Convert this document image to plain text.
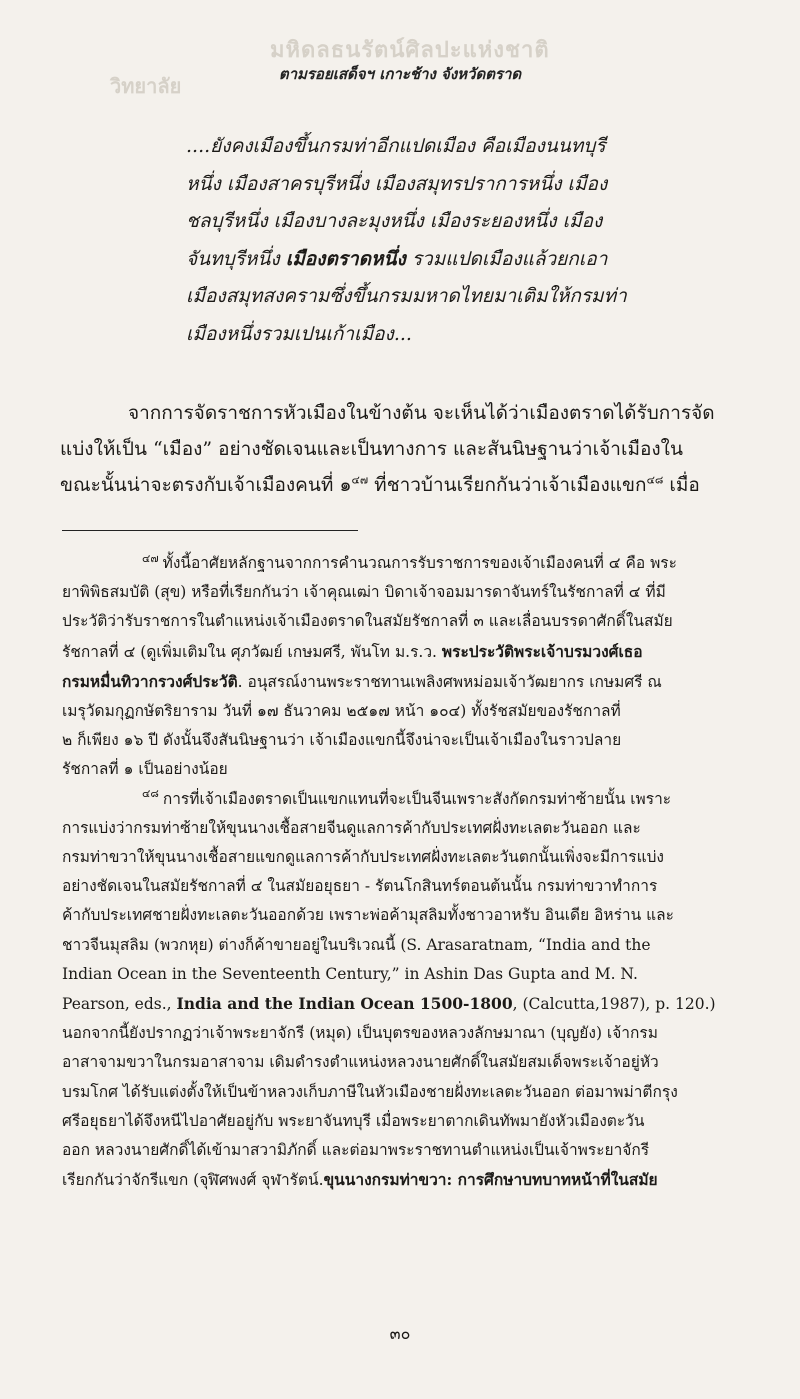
มหิดลธนรัตน์ศิลปะแห่งชาติ
วิทยาลัย	ตามรอยเสด็จฯ เกาะช้าง จังหวัดตราด
....ยังคงเมืองขึ้นกรมท่าอีกแปดเมือง คือเมืองนนทบุรี
หนึ่ง เมืองสาครบุรีหนึ่ง เมืองสมุทรปราการหนึ่ง เมือง
ชลบุรีหนึ่ง เมืองบางละมุงหนึ่ง เมืองระยองหนึ่ง เมือง
จันทบุรีหนึ่ง เมืองตราดหนึ่ง รวมแปดเมืองแล้วยกเอา
เมืองสมุทสงครามซึ่งขึ้นกรมมหาดไทยมาเติมให้กรมท่า
เมืองหนึ่งรวมเปนเก้าเมือง...
จากการจัดราชการหัวเมืองในข้างต้น จะเห็นได้ว่าเมืองตราดได้รับการจัด
แบ่งให้เป็น “เมือง” อย่างชัดเจนและเป็นทางการ และสันนิษฐานว่าเจ้าเมืองใน
ขณะนั้นน่าจะตรงกับเจ้าเมืองคนที่ ๑$^{๔๗}$ ที่ชาวบ้านเรียกกันว่าเจ้าเมืองแขก$^{๔๘}$ เมื่อ
$^{๔๗}$ ทั้งนี้อาศัยหลักฐานจากการคำนวณการรับราชการของเจ้าเมืองคนที่ ๔ คือ พระ
ยาพิพิธสมบัติ (สุข) หรือที่เรียกกันว่า เจ้าคุณเฒ่า บิดาเจ้าจอมมารดาจันทร์ในรัชกาลที่ ๔ ที่มี
ประวัติว่ารับราชการในตำแหน่งเจ้าเมืองตราดในสมัยรัชกาลที่ ๓ และเลื่อนบรรดาศักดิ์ในสมัย
รัชกาลที่ ๔ (ดูเพิ่มเติมใน ศุภวัฒย์ เกษมศรี, พันโท ม.ร.ว. พระประวัติพระเจ้าบรมวงศ์เธอ
กรมหมื่นทิวากรวงศ์ประวัติ. อนุสรณ์งานพระราชทานเพลิงศพหม่อมเจ้าวัฒยากร เกษมศรี ณ
เมรุวัดมกุฏกษัตริยาราม วันที่ ๑๗ ธันวาคม ๒๕๑๗ หน้า ๑๐๔) ทั้งรัชสมัยของรัชกาลที่
๒ ก็เพียง ๑๖ ปี ดังนั้นจึงสันนิษฐานว่า เจ้าเมืองแขกนี้จึงน่าจะเป็นเจ้าเมืองในราวปลาย
รัชกาลที่ ๑ เป็นอย่างน้อย
$^{๔๘}$ การที่เจ้าเมืองตราดเป็นแขกแทนที่จะเป็นจีนเพราะสังกัดกรมท่าซ้ายนั้น เพราะ
การแบ่งว่ากรมท่าซ้ายให้ขุนนางเชื้อสายจีนดูแลการค้ากับประเทศฝั่งทะเลตะวันออก และ
กรมท่าขวาให้ขุนนางเชื้อสายแขกดูแลการค้ากับประเทศฝั่งทะเลตะวันตกนั้นเพิ่งจะมีการแบ่ง
อย่างชัดเจนในสมัยรัชกาลที่ ๔ ในสมัยอยุธยา - รัตนโกสินทร์ตอนต้นนั้น กรมท่าขวาทำการ
ค้ากับประเทศชายฝั่งทะเลตะวันออกด้วย เพราะพ่อค้ามุสลิมทั้งชาวอาหรับ อินเดีย อิหร่าน และ
ชาวจีนมุสลิม (พวกหุย) ต่างก็ค้าขายอยู่ในบริเวณนี้ (S. Arasaratnam, “India and the
Indian Ocean in the Seventeenth Century,” in Ashin Das Gupta and M. N.
Pearson, eds., India and the Indian Ocean 1500-1800, (Calcutta,1987), p. 120.)
นอกจากนี้ยังปรากฏว่าเจ้าพระยาจักรี (หมุด) เป็นบุตรของหลวงลักษมาณา (บุญยัง) เจ้ากรม
อาสาจามขวาในกรมอาสาจาม เดิมดำรงตำแหน่งหลวงนายศักดิ์ในสมัยสมเด็จพระเจ้าอยู่หัว
บรมโกศ ได้รับแต่งตั้งให้เป็นข้าหลวงเก็บภาษีในหัวเมืองชายฝั่งทะเลตะวันออก ต่อมาพม่าตีกรุง
ศรีอยุธยาได้จึงหนีไปอาศัยอยู่กับ พระยาจันทบุรี เมื่อพระยาตากเดินทัพมายังหัวเมืองตะวัน
ออก หลวงนายศักดิ์ได้เข้ามาสวามิภักดิ์ และต่อมาพระราชทานตำแหน่งเป็นเจ้าพระยาจักรี
เรียกกันว่าจักรีแขก (จุฬิศพงศ์ จุฬารัตน์.ขุนนางกรมท่าขวา: การศึกษาบทบาทหน้าที่ในสมัย
๓๐
